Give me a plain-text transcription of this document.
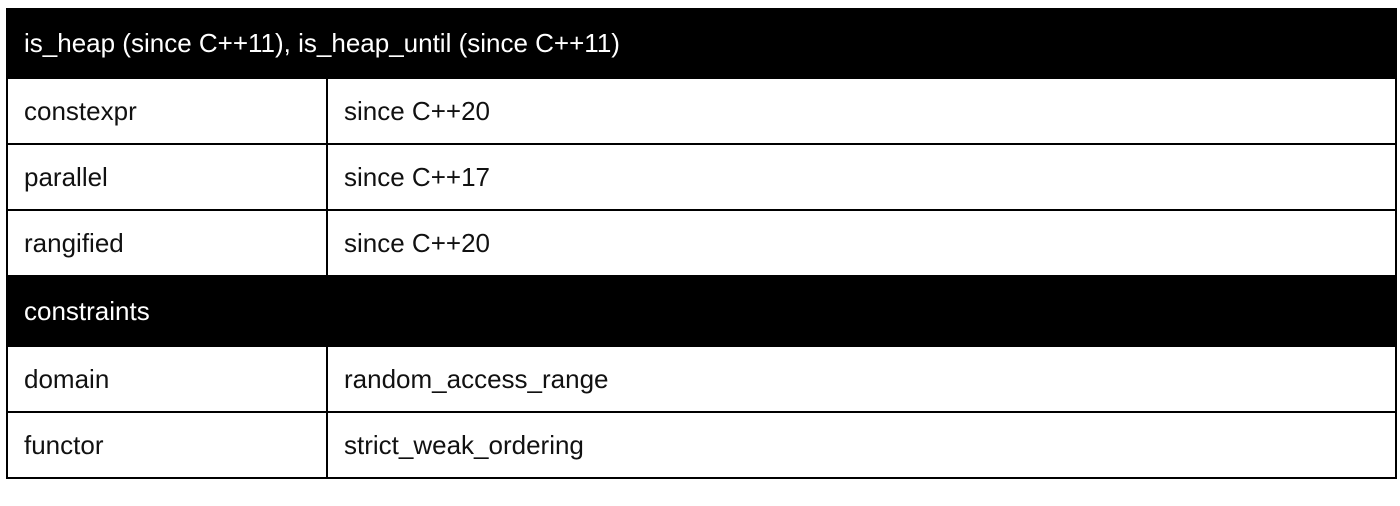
is_heap (since C++11), is_heap_until (since C++11)	
constexpr	since C++20
parallel	since C++17
rangified	since C++20
constraints	
domain	random_access_range
functor	strict_weak_ordering
